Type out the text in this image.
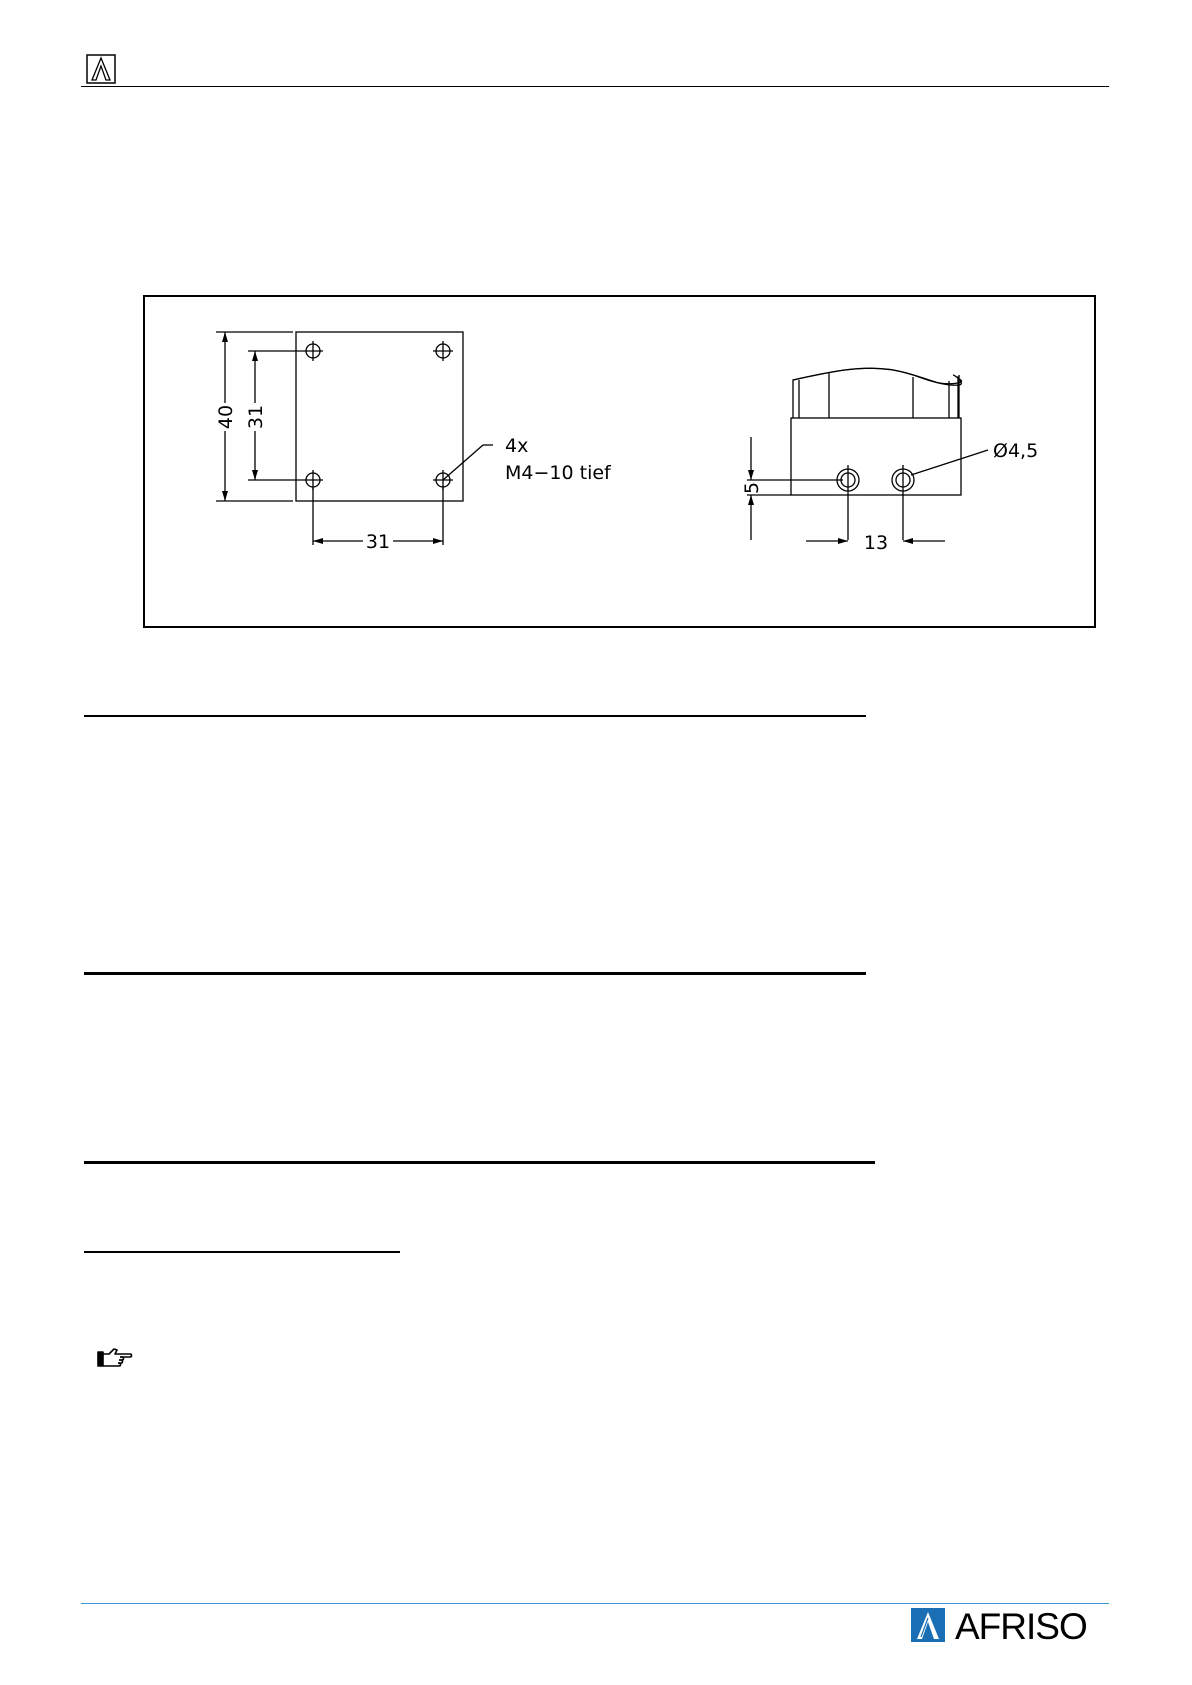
40 31
31
4x
M4−10 tief
5
13
Ø4,5
AFRISO
